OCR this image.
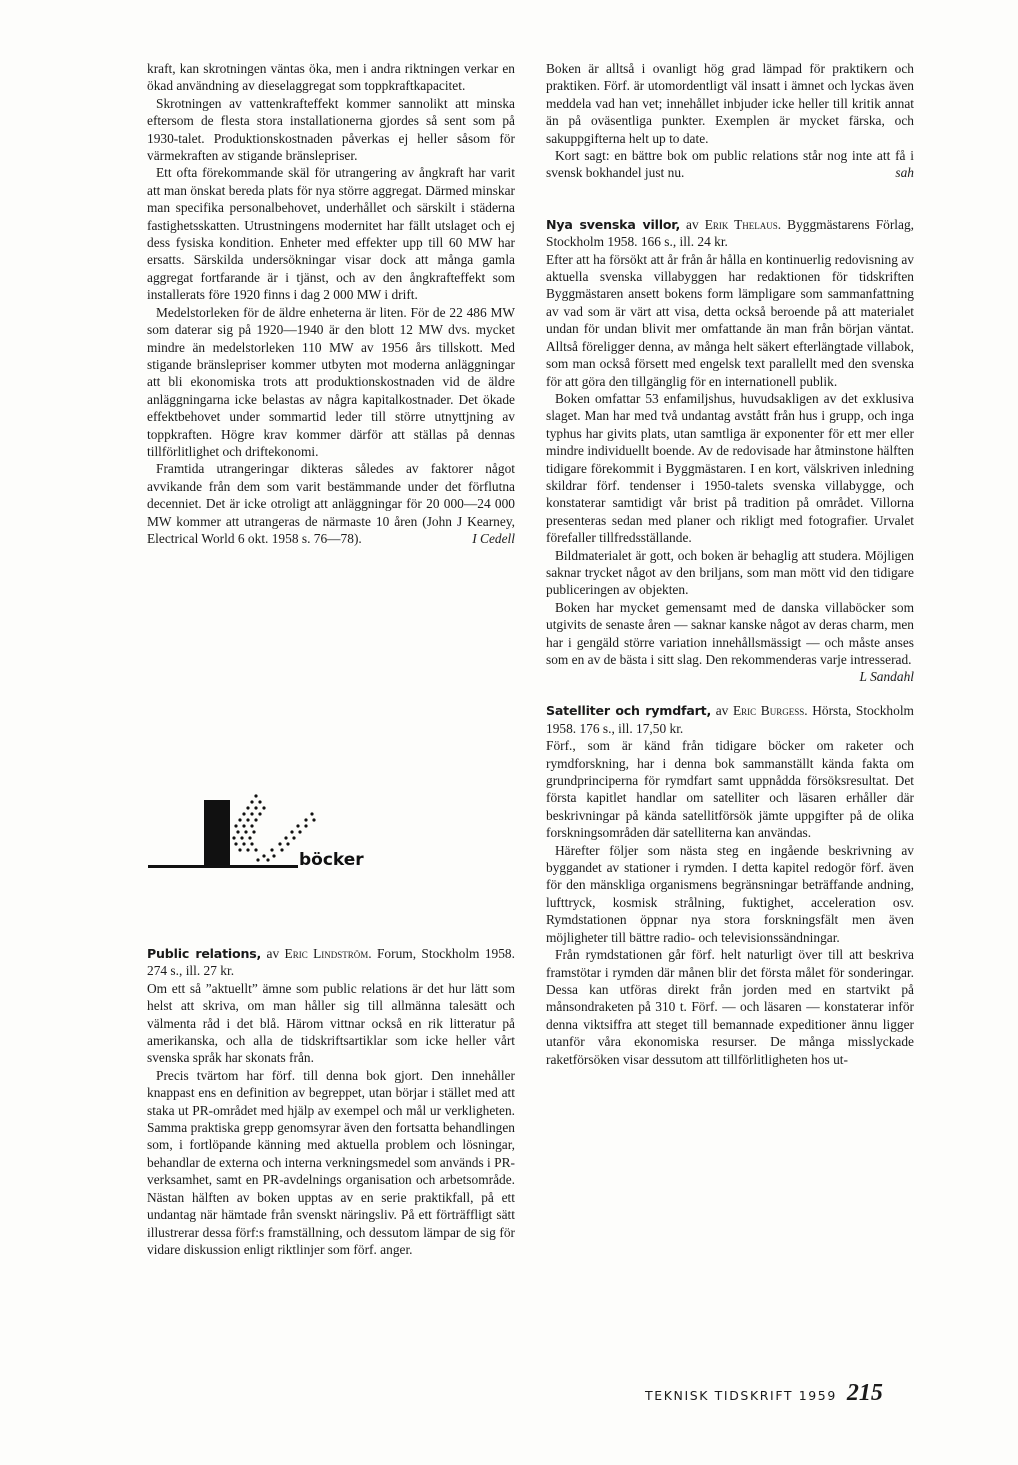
kraft, kan skrotningen väntas öka, men i andra riktningen verkar en ökad användning av dieselaggregat som toppkraftkapacitet.

Skrotningen av vattenkrafteffekt kommer sannolikt att minska eftersom de flesta stora installationerna gjordes så sent som på 1930-talet. Produktionskostnaden påverkas ej heller såsom för värmekraften av stigande bränslepriser.

Ett ofta förekommande skäl för utrangering av ångkraft har varit att man önskat bereda plats för nya större aggregat. Därmed minskar man specifika personalbehovet, underhållet och särskilt i städerna fastighetsskatten. Utrustningens modernitet har fällt utslaget och ej dess fysiska kondition. Enheter med effekter upp till 60 MW har ersatts. Särskilda undersökningar visar dock att många gamla aggregat fortfarande är i tjänst, och av den ångkrafteffekt som installerats före 1920 finns i dag 2 000 MW i drift.

Medelstorleken för de äldre enheterna är liten. För de 22 486 MW som daterar sig på 1920—1940 är den blott 12 MW dvs. mycket mindre än medelstorleken 110 MW av 1956 års tillskott. Med stigande bränslepriser kommer utbyten mot moderna anläggningar att bli ekonomiska trots att produktionskostnaden vid de äldre anläggningarna icke belastas av några kapitalkostnader. Det ökade effektbehovet under sommartid leder till större utnyttjning av toppkraften. Högre krav kommer därför att ställas på dennas tillförlitlighet och driftekonomi.

Framtida utrangeringar dikteras således av faktorer något avvikande från dem som varit bestämmande under det förflutna decenniet. Det är icke otroligt att anläggningar för 20 000—24 000 MW kommer att utrangeras de närmaste 10 åren (John J Kearney, Electrical World 6 okt. 1958 s. 76—78).	I Cedell

böcker

Public relations, av Eric Lindström. Forum, Stockholm 1958. 274 s., ill. 27 kr.

Om ett så ”aktuellt” ämne som public relations är det hur lätt som helst att skriva, om man håller sig till allmänna talesätt och välmenta råd i det blå. Härom vittnar också en rik litteratur på amerikanska, och alla de tidskriftsartiklar som icke heller vårt svenska språk har skonats från.

Precis tvärtom har förf. till denna bok gjort. Den innehåller knappast ens en definition av begreppet, utan börjar i stället med att staka ut PR-området med hjälp av exempel och mål ur verkligheten. Samma praktiska grepp genomsyrar även den fortsatta behandlingen som, i fortlöpande känning med aktuella problem och lösningar, behandlar de externa och interna verkningsmedel som används i PR-verksamhet, samt en PR-avdelnings organisation och arbetsområde. Nästan hälften av boken upptas av en serie praktikfall, på ett undantag när hämtade från svenskt näringsliv. På ett förträffligt sätt illustrerar dessa förf:s framställning, och dessutom lämpar de sig för vidare diskussion enligt riktlinjer som förf. anger.

Boken är alltså i ovanligt hög grad lämpad för praktikern och praktiken. Förf. är utomordentligt väl insatt i ämnet och lyckas även meddela vad han vet; innehållet inbjuder icke heller till kritik annat än på oväsentliga punkter. Exemplen är mycket färska, och sakuppgifterna helt up to date.

Kort sagt: en bättre bok om public relations står nog inte att få i svensk bokhandel just nu.	sah

Nya svenska villor, av Erik Thelaus. Byggmästarens Förlag, Stockholm 1958. 166 s., ill. 24 kr.

Efter att ha försökt att år från år hålla en kontinuerlig redovisning av aktuella svenska villabyggen har redaktionen för tidskriften Byggmästaren ansett bokens form lämpligare som sammanfattning av vad som är värt att visa, detta också beroende på att materialet undan för undan blivit mer omfattande än man från början väntat. Alltså föreligger denna, av många helt säkert efterlängtade villabok, som man också försett med engelsk text parallellt med den svenska för att göra den tillgänglig för en internationell publik.

Boken omfattar 53 enfamiljshus, huvudsakligen av det exklusiva slaget. Man har med två undantag avstått från hus i grupp, och inga typhus har givits plats, utan samtliga är exponenter för ett mer eller mindre individuellt boende. Av de redovisade har åtminstone hälften tidigare förekommit i Byggmästaren. I en kort, välskriven inledning skildrar förf. tendenser i 1950-talets svenska villabygge, och konstaterar samtidigt vår brist på tradition på området. Villorna presenteras sedan med planer och rikligt med fotografier. Urvalet förefaller tillfredsställande.

Bildmaterialet är gott, och boken är behaglig att studera. Möjligen saknar trycket något av den briljans, som man mött vid den tidigare publiceringen av objekten.

Boken har mycket gemensamt med de danska villaböcker som utgivits de senaste åren — saknar kanske något av deras charm, men har i gengäld större variation innehållsmässigt — och måste anses som en av de bästa i sitt slag. Den rekommenderas varje intresserad.
L Sandahl

Satelliter och rymdfart, av Eric Burgess. Hörsta, Stockholm 1958. 176 s., ill. 17,50 kr.

Förf., som är känd från tidigare böcker om raketer och rymdforskning, har i denna bok sammanställt kända fakta om grundprinciperna för rymdfart samt uppnådda försöksresultat. Det första kapitlet handlar om satelliter och läsaren erhåller där beskrivningar på kända satellitförsök jämte uppgifter på de olika forskningsområden där satelliterna kan användas.

Härefter följer som nästa steg en ingående beskrivning av byggandet av stationer i rymden. I detta kapitel redogör förf. även för den mänskliga organismens begränsningar beträffande andning, lufttryck, kosmisk strålning, fuktighet, acceleration osv. Rymdstationen öppnar nya stora forskningsfält men även möjligheter till bättre radio- och televisionssändningar.

Från rymdstationen går förf. helt naturligt över till att beskriva framstötar i rymden där månen blir det första målet för sonderingar. Dessa kan utföras direkt från jorden med en startvikt på månsondraketen på 310 t. Förf. — och läsaren — konstaterar inför denna viktsiffra att steget till bemannade expeditioner ännu ligger utanför våra ekonomiska resurser. De många misslyckade raketförsöken visar dessutom att tillförlitligheten hos ut-

TEKNISK TIDSKRIFT 1959 215
